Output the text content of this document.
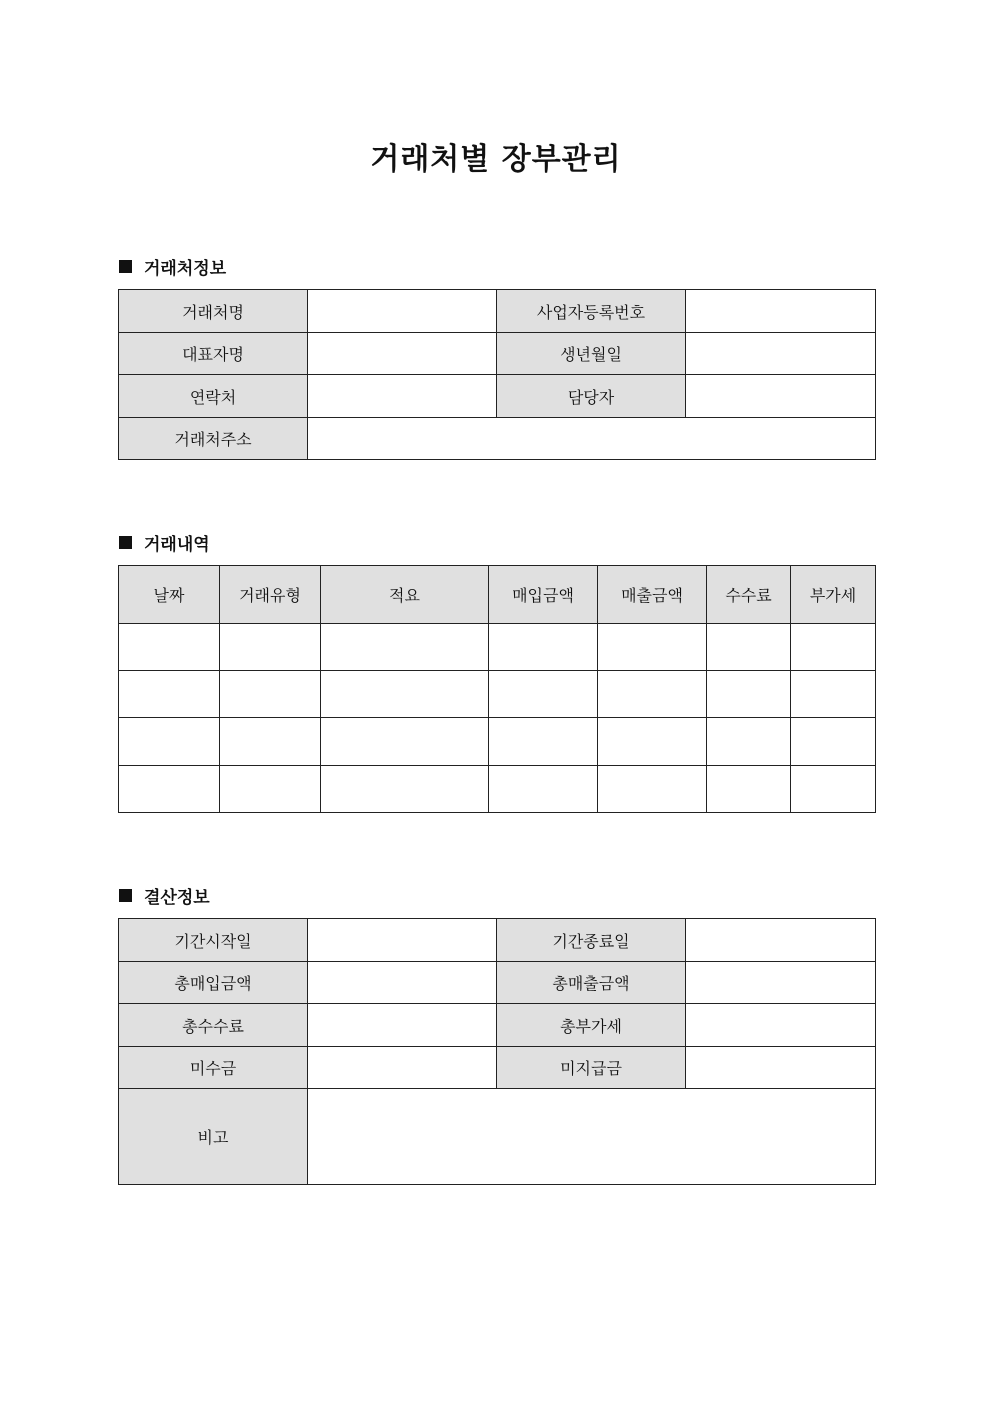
거래처별 장부관리
거래처정보
거래처명		사업자등록번호	
대표자명		생년월일	
연락처		담당자	
거래처주소			
거래내역
날짜	거래유형	적요	매입금액	매출금액	수수료	부가세

결산정보
기간시작일		기간종료일	
총매입금액		총매출금액	
총수수료		총부가세	
미수금		미지급금	
비고			
